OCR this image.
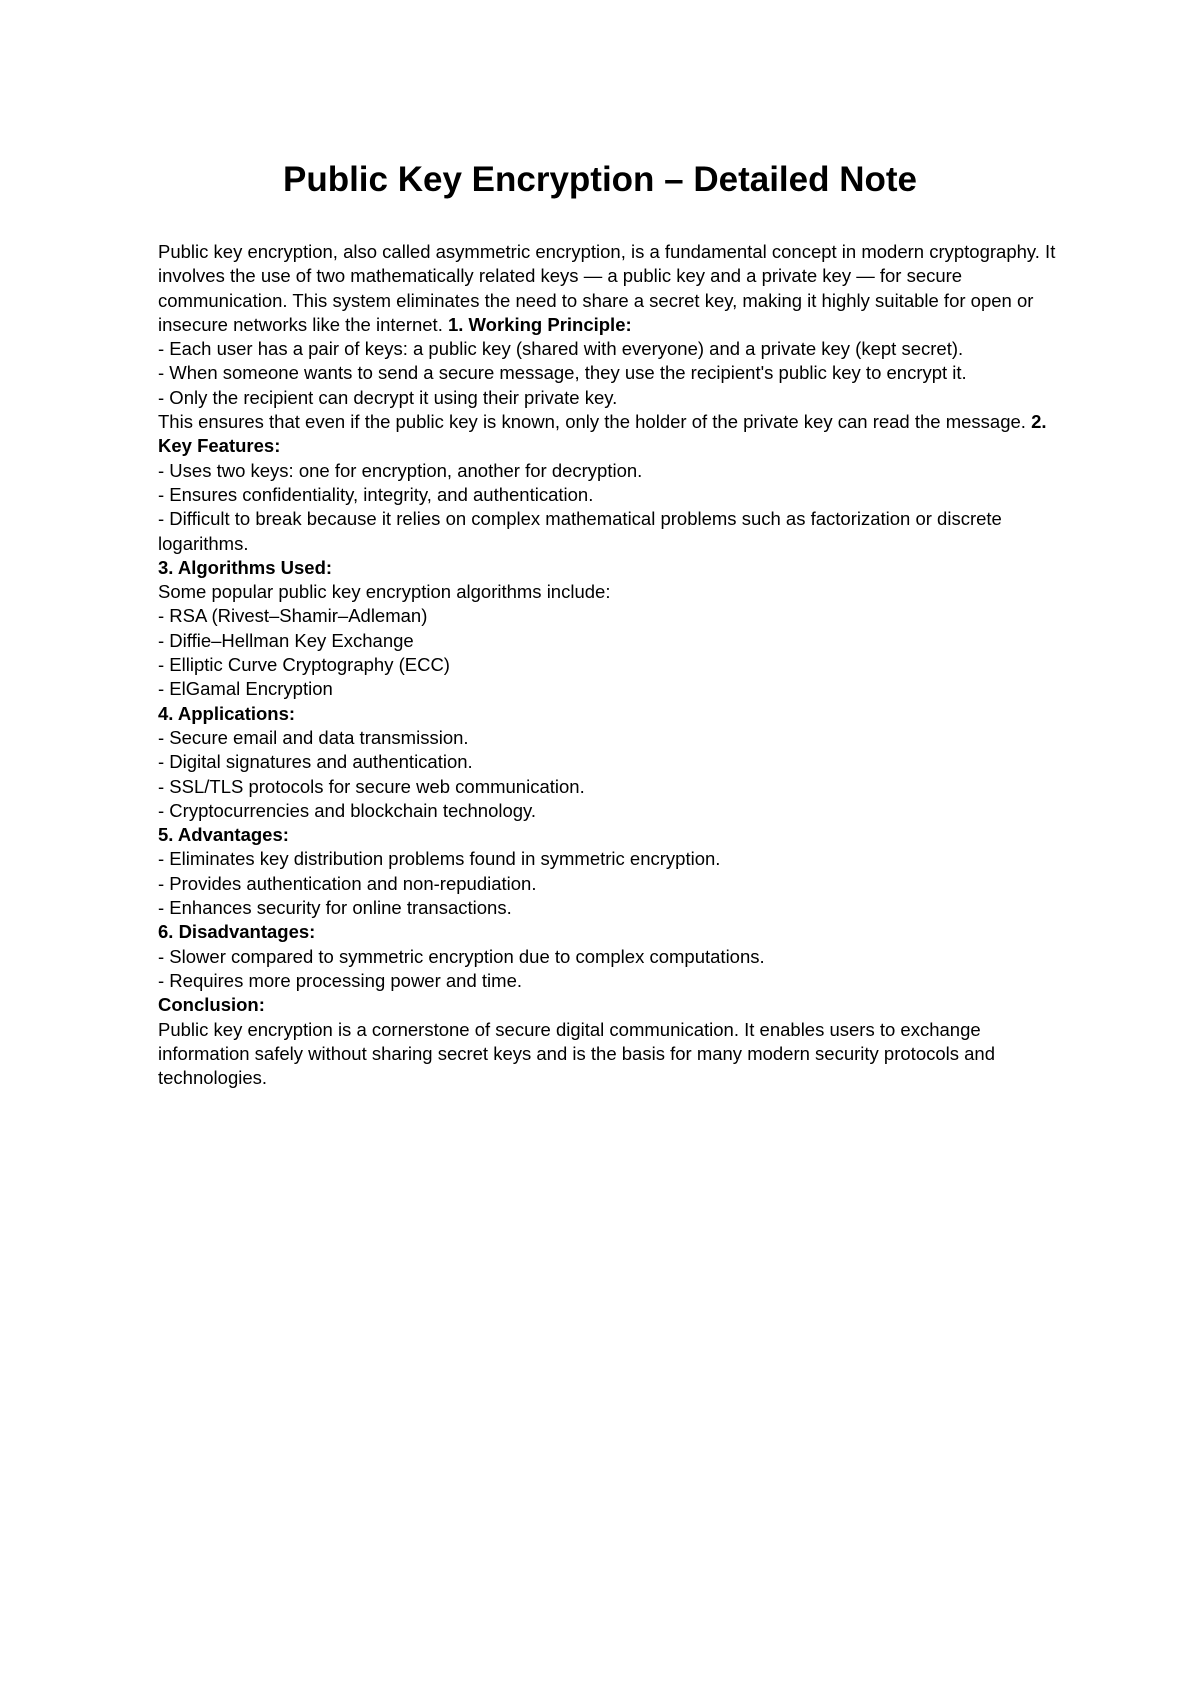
Public Key Encryption – Detailed Note

Public key encryption, also called asymmetric encryption, is a fundamental concept in modern cryptography. It involves the use of two mathematically related keys — a public key and a private key — for secure communication. This system eliminates the need to share a secret key, making it highly suitable for open or insecure networks like the internet. 1. Working Principle:

- Each user has a pair of keys: a public key (shared with everyone) and a private key (kept secret).
- When someone wants to send a secure message, they use the recipient's public key to encrypt it.
- Only the recipient can decrypt it using their private key.

This ensures that even if the public key is known, only the holder of the private key can read the message. 2. Key Features:

- Uses two keys: one for encryption, another for decryption.
- Ensures confidentiality, integrity, and authentication.

- Difficult to break because it relies on complex mathematical problems such as factorization or discrete logarithms.

3. Algorithms Used:
Some popular public key encryption algorithms include:
- RSA (Rivest–Shamir–Adleman)
- Diffie–Hellman Key Exchange
- Elliptic Curve Cryptography (ECC)
- ElGamal Encryption
4. Applications:
- Secure email and data transmission.
- Digital signatures and authentication.
- SSL/TLS protocols for secure web communication.
- Cryptocurrencies and blockchain technology.
5. Advantages:
- Eliminates key distribution problems found in symmetric encryption.
- Provides authentication and non-repudiation.
- Enhances security for online transactions.
6. Disadvantages:
- Slower compared to symmetric encryption due to complex computations.
- Requires more processing power and time.
Conclusion:

Public key encryption is a cornerstone of secure digital communication. It enables users to exchange information safely without sharing secret keys and is the basis for many modern security protocols and technologies.
